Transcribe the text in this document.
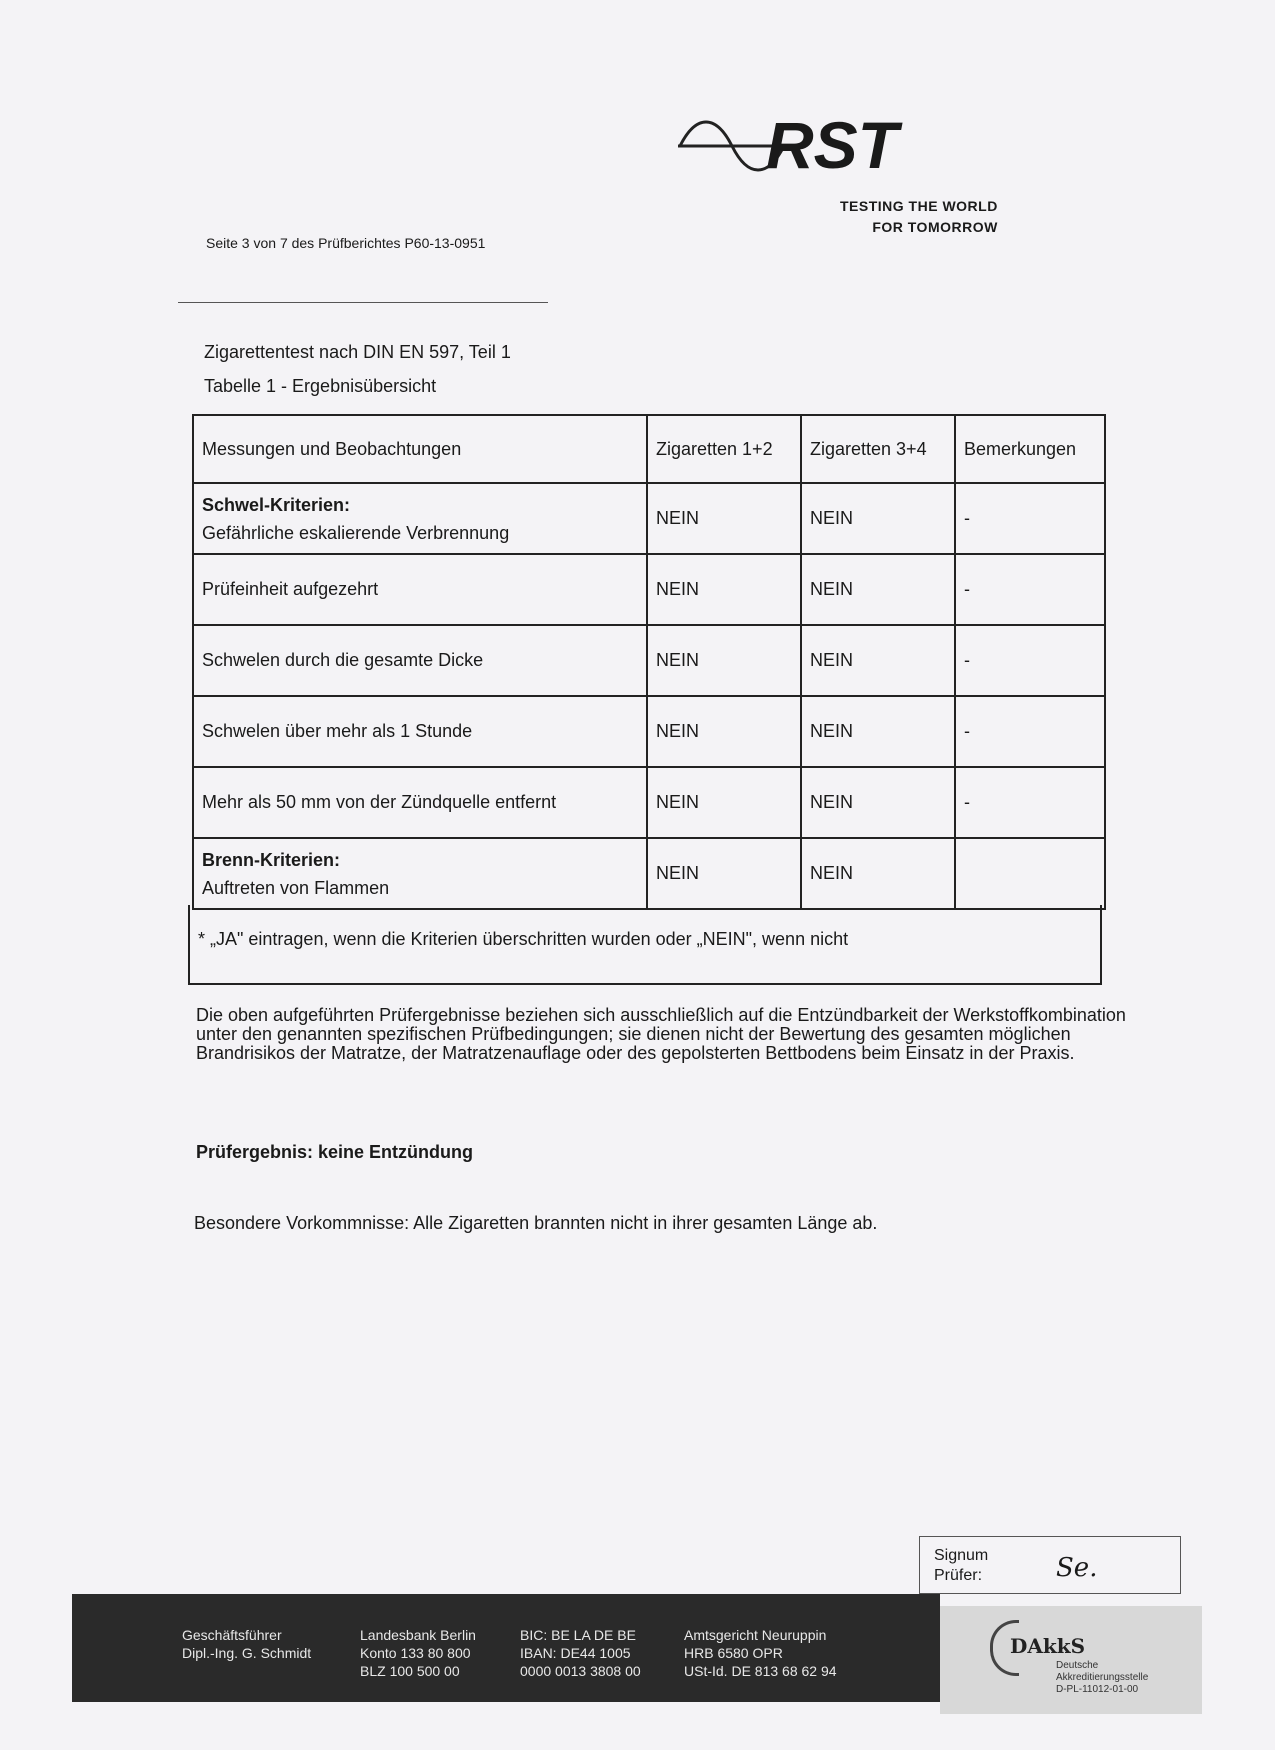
RST
TESTING THE WORLD
FOR TOMORROW
Seite 3 von 7 des Prüfberichtes P60-13-0951
Zigarettentest nach DIN EN 597, Teil 1
Tabelle 1 - Ergebnisübersicht
Messungen und Beobachtungen	Zigaretten 1+2	Zigaretten 3+4	Bemerkungen

Schwel-Kriterien:
Gefährliche eskalierende Verbrennung	NEIN	NEIN	-
Prüfeinheit aufgezehrt	NEIN	NEIN	-
Schwelen durch die gesamte Dicke	NEIN	NEIN	-
Schwelen über mehr als 1 Stunde	NEIN	NEIN	-
Mehr als 50 mm von der Zündquelle entfernt	NEIN	NEIN	-

Brenn-Kriterien:
Auftreten von Flammen	NEIN	NEIN	
* „JA" eintragen, wenn die Kriterien überschritten wurden oder „NEIN", wenn nicht
Die oben aufgeführten Prüfergebnisse beziehen sich ausschließlich auf die Entzündbarkeit der Werkstoffkombination unter den genannten spezifischen Prüfbedingungen; sie dienen nicht der Bewertung des gesamten möglichen Brandrisikos der Matratze, der Matratzenauflage oder des gepolsterten Bettbodens beim Einsatz in der Praxis.
Prüfergebnis: keine Entzündung
Besondere Vorkommnisse: Alle Zigaretten brannten nicht in ihrer gesamten Länge ab.
Signum
Prüfer:	Se.
Geschäftsführer
Dipl.-Ing. G. Schmidt
Landesbank Berlin
Konto 133 80 800
BLZ 100 500 00
BIC: BE LA DE BE
IBAN: DE44 1005
0000 0013 3808 00
Amtsgericht Neuruppin
HRB 6580 OPR
USt-Id. DE 813 68 62 94
DAkkS
Deutsche
Akkreditierungsstelle
D-PL-11012-01-00
